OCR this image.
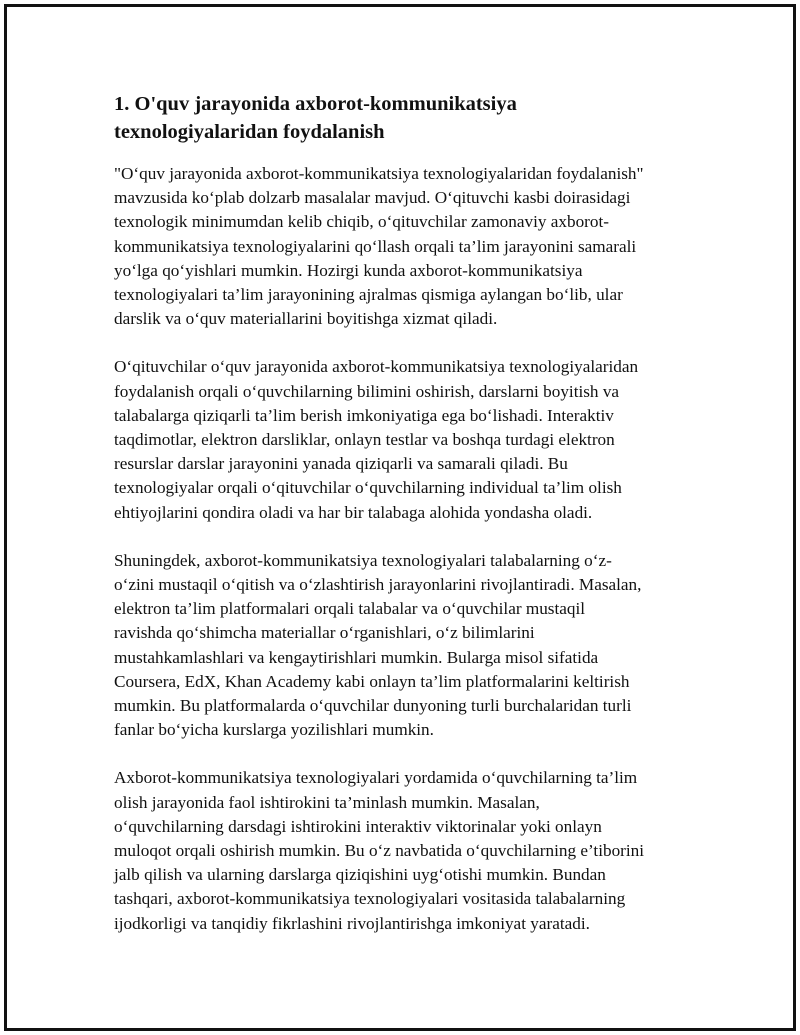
1. O'quv jarayonida axborot-kommunikatsiya
texnologiyalaridan foydalanish

"O‘quv jarayonida axborot-kommunikatsiya texnologiyalaridan foydalanish"
mavzusida ko‘plab dolzarb masalalar mavjud. O‘qituvchi kasbi doirasidagi
texnologik minimumdan kelib chiqib, o‘qituvchilar zamonaviy axborot-
kommunikatsiya texnologiyalarini qo‘llash orqali ta’lim jarayonini samarali
yo‘lga qo‘yishlari mumkin. Hozirgi kunda axborot-kommunikatsiya
texnologiyalari ta’lim jarayonining ajralmas qismiga aylangan bo‘lib, ular
darslik va o‘quv materiallarini boyitishga xizmat qiladi.

O‘qituvchilar o‘quv jarayonida axborot-kommunikatsiya texnologiyalaridan
foydalanish orqali o‘quvchilarning bilimini oshirish, darslarni boyitish va
talabalarga qiziqarli ta’lim berish imkoniyatiga ega bo‘lishadi. Interaktiv
taqdimotlar, elektron darsliklar, onlayn testlar va boshqa turdagi elektron
resurslar darslar jarayonini yanada qiziqarli va samarali qiladi. Bu
texnologiyalar orqali o‘qituvchilar o‘quvchilarning individual ta’lim olish
ehtiyojlarini qondira oladi va har bir talabaga alohida yondasha oladi.

Shuningdek, axborot-kommunikatsiya texnologiyalari talabalarning o‘z-
o‘zini mustaqil o‘qitish va o‘zlashtirish jarayonlarini rivojlantiradi. Masalan,
elektron ta’lim platformalari orqali talabalar va o‘quvchilar mustaqil
ravishda qo‘shimcha materiallar o‘rganishlari, o‘z bilimlarini
mustahkamlashlari va kengaytirishlari mumkin. Bularga misol sifatida
Coursera, EdX, Khan Academy kabi onlayn ta’lim platformalarini keltirish
mumkin. Bu platformalarda o‘quvchilar dunyoning turli burchalaridan turli
fanlar bo‘yicha kurslarga yozilishlari mumkin.

Axborot-kommunikatsiya texnologiyalari yordamida o‘quvchilarning ta’lim
olish jarayonida faol ishtirokini ta’minlash mumkin. Masalan,
o‘quvchilarning darsdagi ishtirokini interaktiv viktorinalar yoki onlayn
muloqot orqali oshirish mumkin. Bu o‘z navbatida o‘quvchilarning e’tiborini
jalb qilish va ularning darslarga qiziqishini uyg‘otishi mumkin. Bundan
tashqari, axborot-kommunikatsiya texnologiyalari vositasida talabalarning
ijodkorligi va tanqidiy fikrlashini rivojlantirishga imkoniyat yaratadi.
